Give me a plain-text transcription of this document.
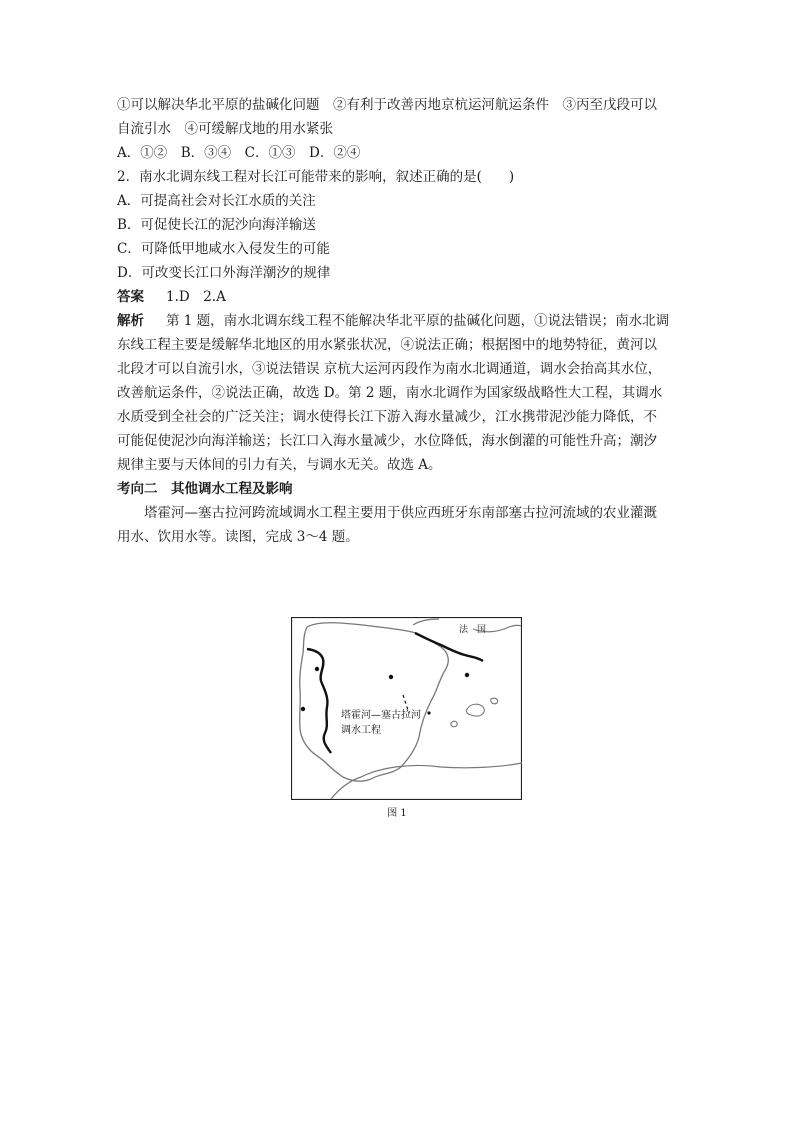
①可以解决华北平原的盐碱化问题　②有利于改善丙地京杭运河航运条件　③丙至戊段可以

自流引水　④可缓解戊地的用水紧张

A．①②　B．③④　C．①③　D．②④

2．南水北调东线工程对长江可能带来的影响，叙述正确的是(　　)

A．可提高社会对长江水质的关注

B．可促使长江的泥沙向海洋输送

C．可降低甲地咸水入侵发生的可能

D．可改变长江口外海洋潮汐的规律

答案 1.D　2.A

解析 第 1 题，南水北调东线工程不能解决华北平原的盐碱化问题，①说法错误；南水北调

东线工程主要是缓解华北地区的用水紧张状况，④说法正确；根据图中的地势特征，黄河以

北段才可以自流引水，③说法错误 京杭大运河丙段作为南水北调通道，调水会抬高其水位，

改善航运条件，②说法正确，故选 D。第 2 题，南水北调作为国家级战略性大工程，其调水

水质受到全社会的广泛关注；调水使得长江下游入海水量减少，江水携带泥沙能力降低，不

可能促使泥沙向海洋输送；长江口入海水量减少，水位降低，海水倒灌的可能性升高；潮汐

规律主要与天体间的引力有关，与调水无关。故选 A。

考向二　其他调水工程及影响

塔霍河—塞古拉河跨流域调水工程主要用于供应西班牙东南部塞古拉河流域的农业灌溉

用水、饮用水等。读图，完成 3～4 题。

法　国
塔霍河—塞古拉河
调水工程
图 1
